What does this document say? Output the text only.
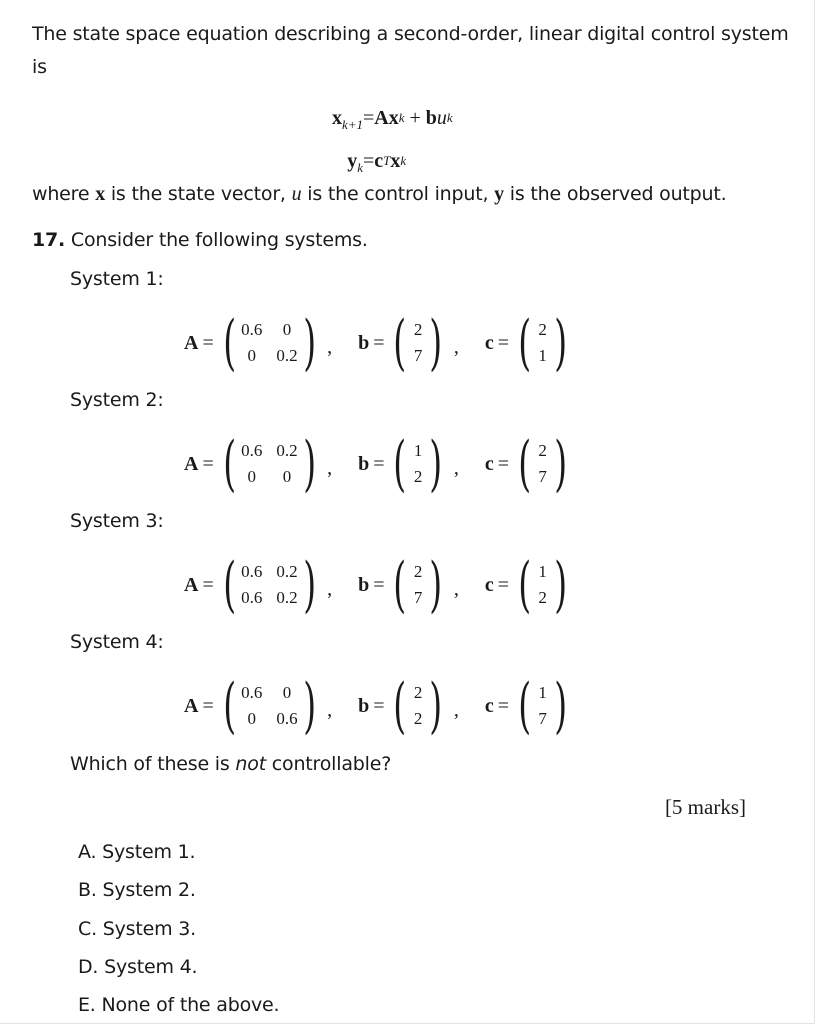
The state space equation describing a second-order, linear digital control system
is
$x_{k+1} = A$ x k + b u k
$y_k = c$ T x k
where x is the state vector, u is the control input, y is the observed output.
17. Consider the following systems.
System 1:
A = ( 0.6	0
0	0.2 ) , b = ( 2
7 ) , c = ( 2
1 )
System 2:
A = ( 0.6 0.2
0	0 ) , b = ( 1
2 ) , c = ( 2
7 )
System 3:
A = ( 0.6 0.2
0.6 0.2 ) , b = ( 2
7 ) , c = ( 1
2 )
System 4:
A = ( 0.6	0
0	0.6 ) , b = ( 2
2 ) , c = ( 1
7 )
Which of these is not controllable?
[5 marks]
A. System 1.
B. System 2.
C. System 3.
D. System 4.
E. None of the above.
